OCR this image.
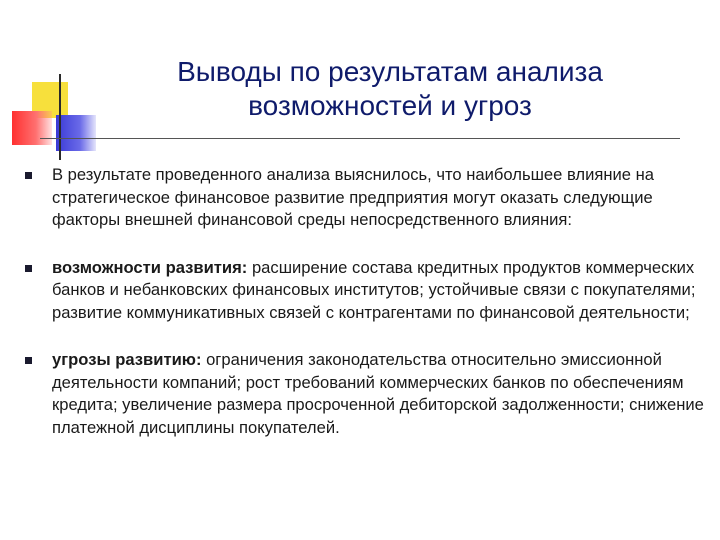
Выводы по результатам анализа
возможностей и угроз
В результате проведенного анализа выяснилось, что наибольшее влияние на стратегическое финансовое развитие предприятия могут оказать следующие факторы внешней финансовой среды непосредственного влияния:
возможности развития: расширение состава кредитных продуктов коммерческих банков и небанковских финансовых институтов; устойчивые связи с покупателями; развитие коммуникативных связей с контрагентами по финансовой деятельности;
угрозы развитию: ограничения законодательства относительно эмиссионной деятельности компаний; рост требований коммерческих банков по обеспечениям кредита; увеличение размера просроченной дебиторской задолженности; снижение платежной дисциплины покупателей.
